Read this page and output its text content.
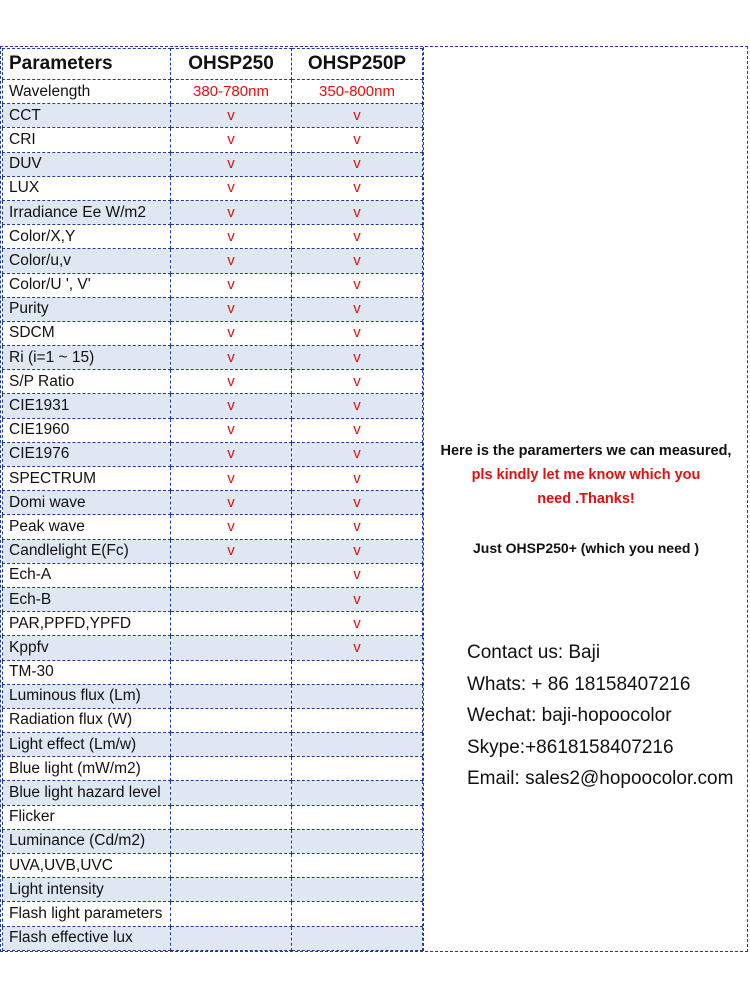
Parameters	OHSP250	OHSP250P
Wavelength	380-780nm	350-800nm
CCT	v	v
CRI	v	v
DUV	v	v
LUX	v	v
Irradiance Ee W/m2	v	v
Color/X,Y	v	v
Color/u,v	v	v
Color/U ', V'	v	v
Purity	v	v
SDCM	v	v
Ri (i=1 ~ 15)	v	v
S/P Ratio	v	v
CIE1931	v	v
CIE1960	v	v
CIE1976	v	v
SPECTRUM	v	v
Domi wave	v	v
Peak wave	v	v
Candlelight E(Fc)	v	v
Ech-A		v
Ech-B		v
PAR,PPFD,YPFD		v
Kppfv		v
TM-30		
Luminous flux (Lm)		
Radiation flux (W)		
Light effect (Lm/w)		
Blue light (mW/m2)		
Blue light hazard level		
Flicker		
Luminance (Cd/m2)		
UVA,UVB,UVC		
Light intensity		
Flash light parameters		
Flash effective lux		
Here is the paramerters we can measured,
pls kindly let me know which you
need .Thanks!
Just OHSP250+ (which you need )
Contact us: Baji
Whats: + 86 18158407216
Wechat: baji-hopoocolor
Skype:+8618158407216
Email: sales2@hopoocolor.com
